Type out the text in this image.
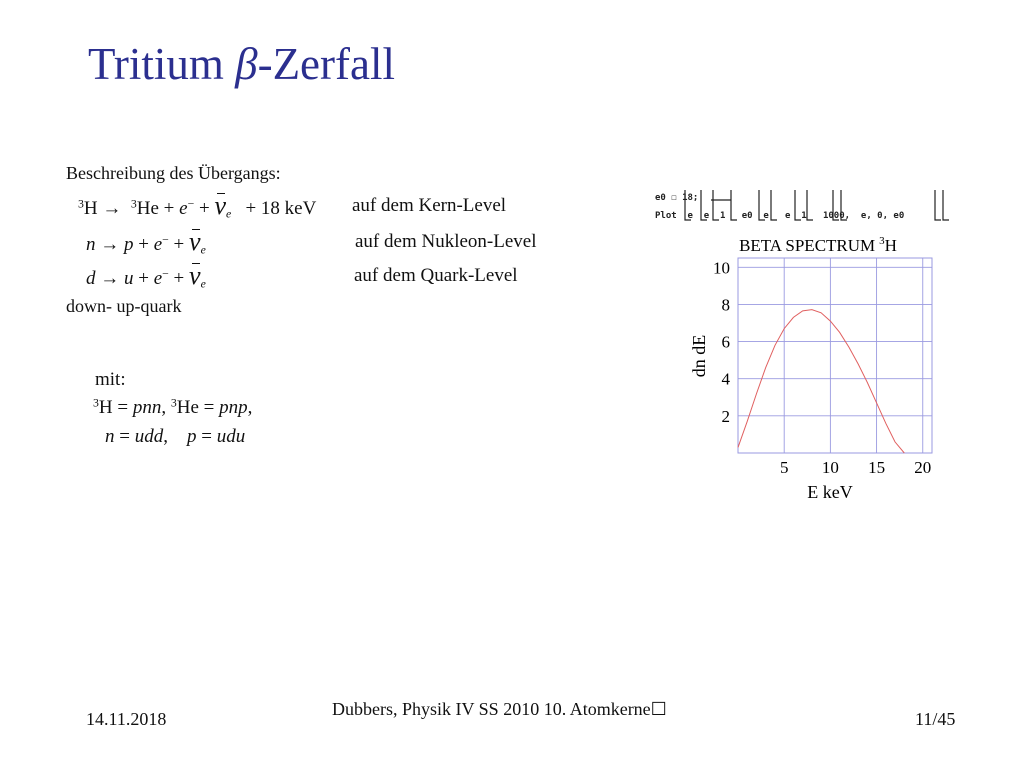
Tritium β-Zerfall
Beschreibung des Übergangs:
$^3H \to ^3He + e^- + \nu_e + 18$ keV auf dem Kern-Level
$n \to p + e^- + \nu_e$	auf dem Nukleon-Level
$d \to u + e^- + \nu_e$	auf dem Quark-Level
down- up-quark
mit:
$^3$H = pnn, $^3$He = pnp,
n = udd, p = udu
e0 ☐ 18;
Plot  e  e  1   e0  e   e  1   1000,  e, 0, e0
BETA SPECTRUM $^3$H
5 10 15 20
2
4
6
8
10
dn dE
E keV
14.11.2018	Dubbers, Physik IV SS 2010 10. Atomkerne☐	11/45
